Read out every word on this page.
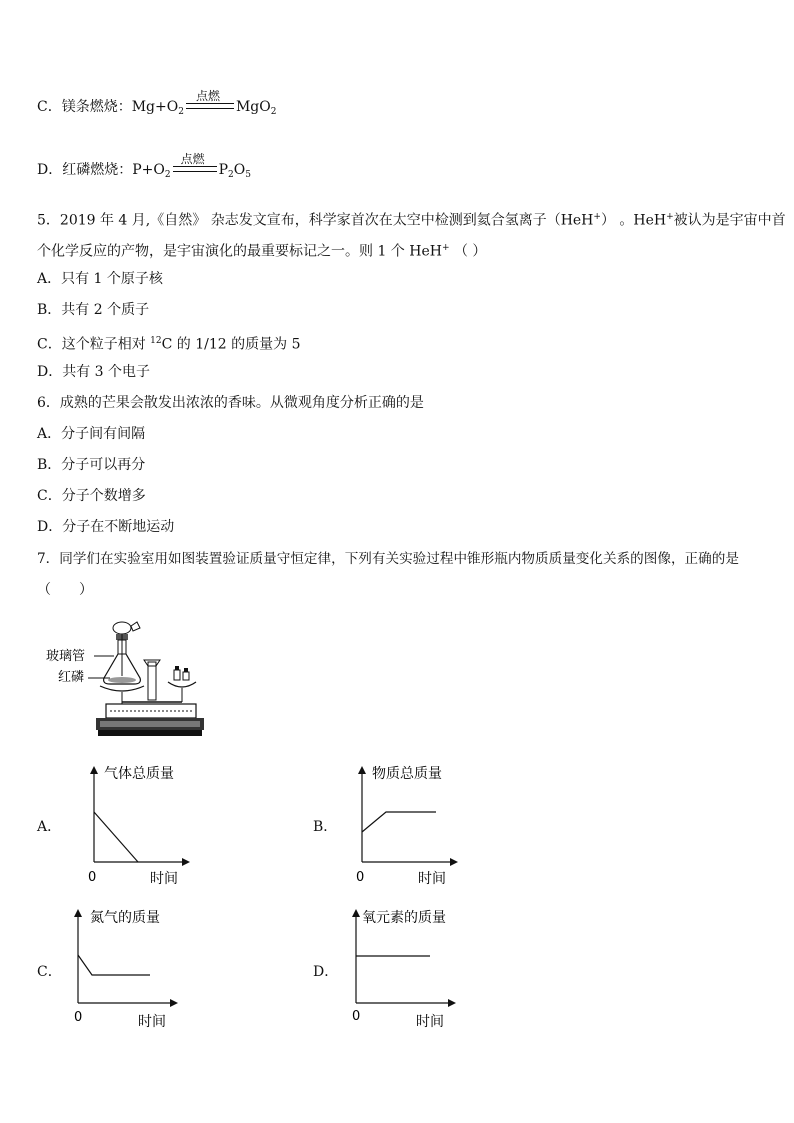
C．镁条燃烧：$Mg+O_2$
点燃
MgO$_2$
D．红磷燃烧：$P+O_2$
点燃
$P_2O_5$
5．2019 年 4 月,《自然》 杂志发文宣布，科学家首次在太空中检测到氦合氢离子（HeH+） 。HeH+被认为是宇宙中首
个化学反应的产物，是宇宙演化的最重要标记之一。则 1 个 HeH+ （ ）
A．只有 1 个原子核
B．共有 2 个质子
C．这个粒子相对 $^{12}$C 的 1/12 的质量为 5
D．共有 3 个电子
6．成熟的芒果会散发出浓浓的香味。从微观角度分析正确的是
A．分子间有间隔
B．分子可以再分
C．分子个数增多
D．分子在不断地运动
7．同学们在实验室用如图装置验证质量守恒定律，下列有关实验过程中锥形瓶内物质质量变化关系的图像，正确的是
（　　）
玻璃管
红磷
A．
气体总质量
0	时间
B．
物质总质量
0	时间
C．
氮气的质量
0	时间
D．
氧元素的质量
0	时间
